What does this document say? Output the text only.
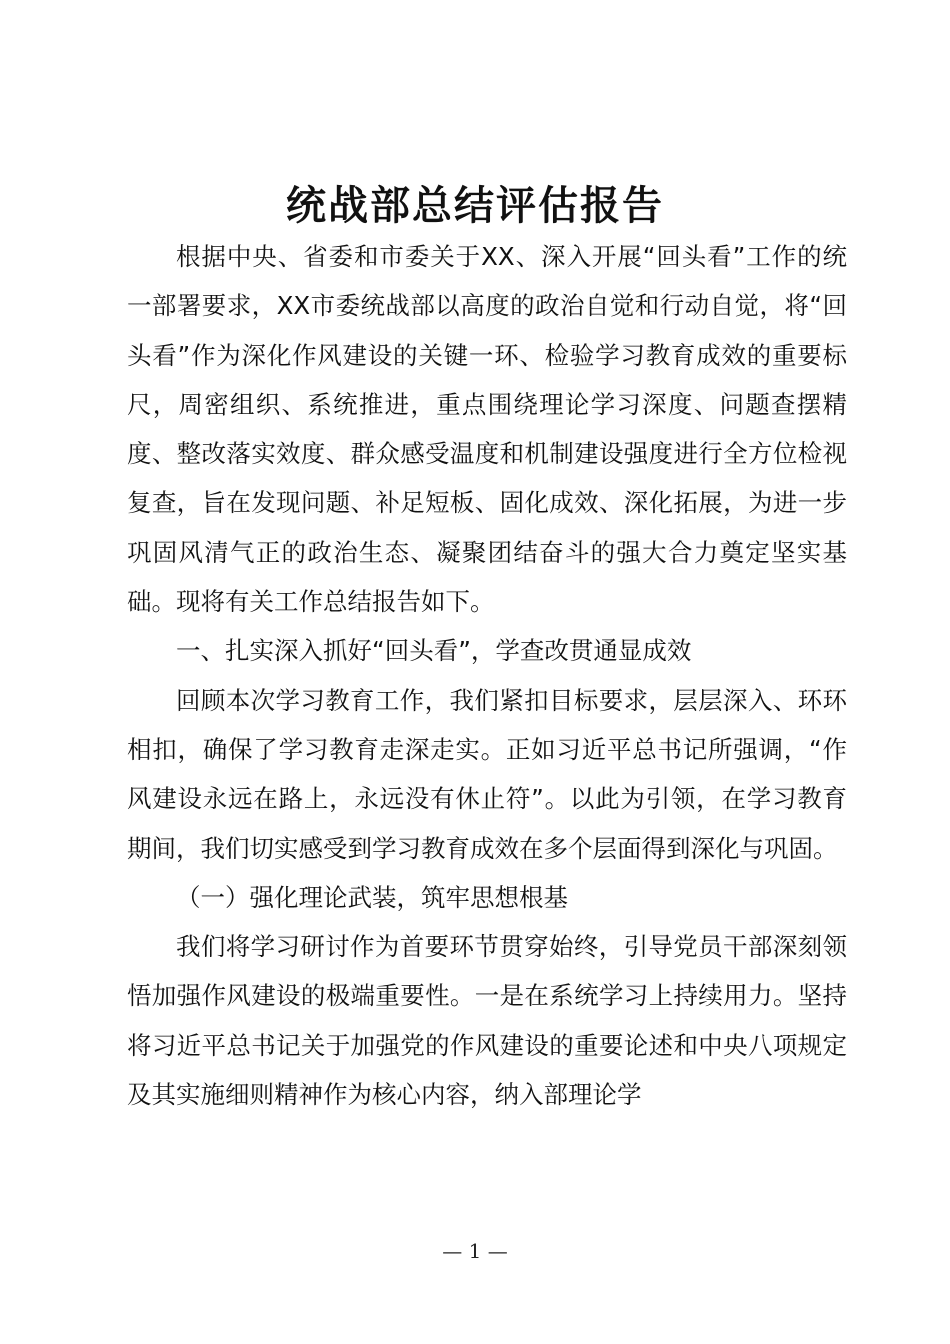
统战部总结评估报告

根据中央、省委和市委关于XX、深入开展“回头看”工作的统一部署要求，XX市委统战部以高度的政治自觉和行动自觉，将“回头看”作为深化作风建设的关键一环、检验学习教育成效的重要标尺，周密组织、系统推进，重点围绕理论学习深度、问题查摆精度、整改落实效度、群众感受温度和机制建设强度进行全方位检视复查，旨在发现问题、补足短板、固化成效、深化拓展，为进一步巩固风清气正的政治生态、凝聚团结奋斗的强大合力奠定坚实基础。现将有关工作总结报告如下。

一、扎实深入抓好“回头看”，学查改贯通显成效

回顾本次学习教育工作，我们紧扣目标要求，层层深入、环环相扣，确保了学习教育走深走实。正如习近平总书记所强调，“作风建设永远在路上，永远没有休止符”。以此为引领，在学习教育期间，我们切实感受到学习教育成效在多个层面得到深化与巩固。

（一）强化理论武装，筑牢思想根基

我们将学习研讨作为首要环节贯穿始终，引导党员干部深刻领悟加强作风建设的极端重要性。一是在系统学习上持续用力。坚持将习近平总书记关于加强党的作风建设的重要论述和中央八项规定及其实施细则精神作为核心内容，纳入部理论学

— 1 —
